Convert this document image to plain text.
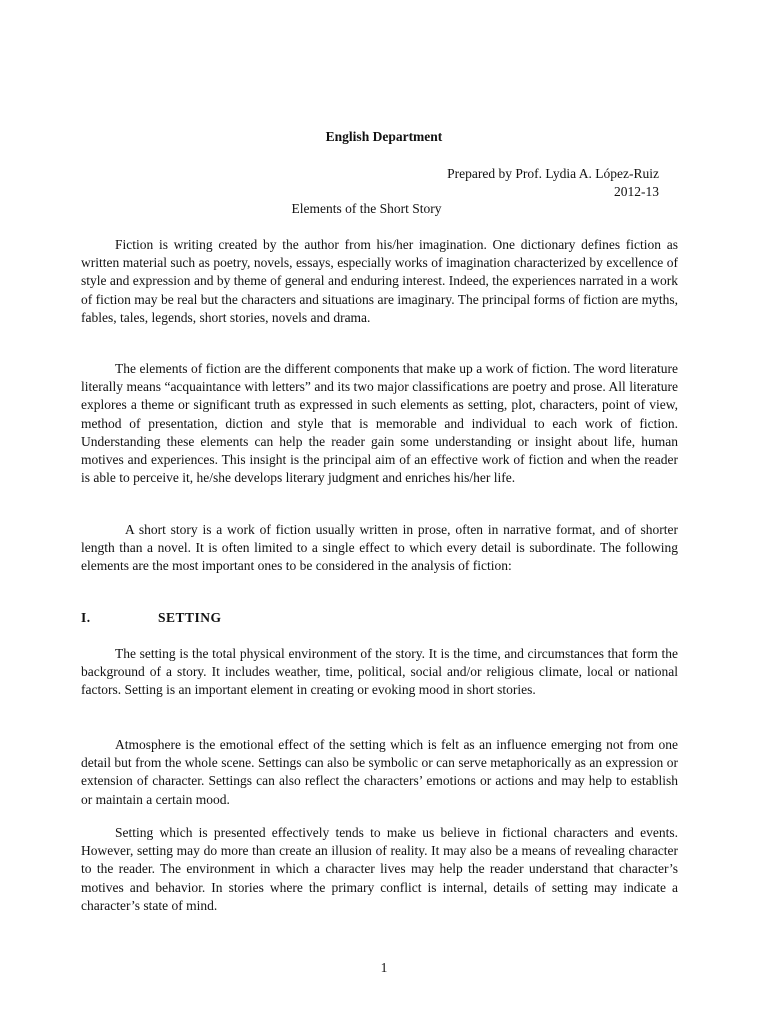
English Department
Prepared by Prof. Lydia A. López-Ruiz
2012-13
Elements of the Short Story

Fiction is writing created by the author from his/her imagination. One dictionary defines fiction as written material such as poetry, novels, essays, especially works of imagination characterized by excellence of style and expression and by theme of general and enduring interest. Indeed, the experiences narrated in a work of fiction may be real but the characters and situations are imaginary. The principal forms of fiction are myths, fables, tales, legends, short stories, novels and drama.

The elements of fiction are the different components that make up a work of fiction. The word literature literally means “acquaintance with letters” and its two major classifications are poetry and prose. All literature explores a theme or significant truth as expressed in such elements as setting, plot, characters, point of view, method of presentation, diction and style that is memorable and individual to each work of fiction. Understanding these elements can help the reader gain some understanding or insight about life, human motives and experiences. This insight is the principal aim of an effective work of fiction and when the reader is able to perceive it, he/she develops literary judgment and enriches his/her life.

A short story is a work of fiction usually written in prose, often in narrative format, and of shorter length than a novel. It is often limited to a single effect to which every detail is subordinate. The following elements are the most important ones to be considered in the analysis of fiction:

I.	SETTING

The setting is the total physical environment of the story. It is the time, and circumstances that form the background of a story. It includes weather, time, political, social and/or religious climate, local or national factors. Setting is an important element in creating or evoking mood in short stories.

Atmosphere is the emotional effect of the setting which is felt as an influence emerging not from one detail but from the whole scene. Settings can also be symbolic or can serve metaphorically as an expression or extension of character. Settings can also reflect the characters’ emotions or actions and may help to establish or maintain a certain mood.

Setting which is presented effectively tends to make us believe in fictional characters and events. However, setting may do more than create an illusion of reality. It may also be a means of revealing character to the reader. The environment in which a character lives may help the reader understand that character’s motives and behavior. In stories where the primary conflict is internal, details of setting may indicate a character’s state of mind.

1
